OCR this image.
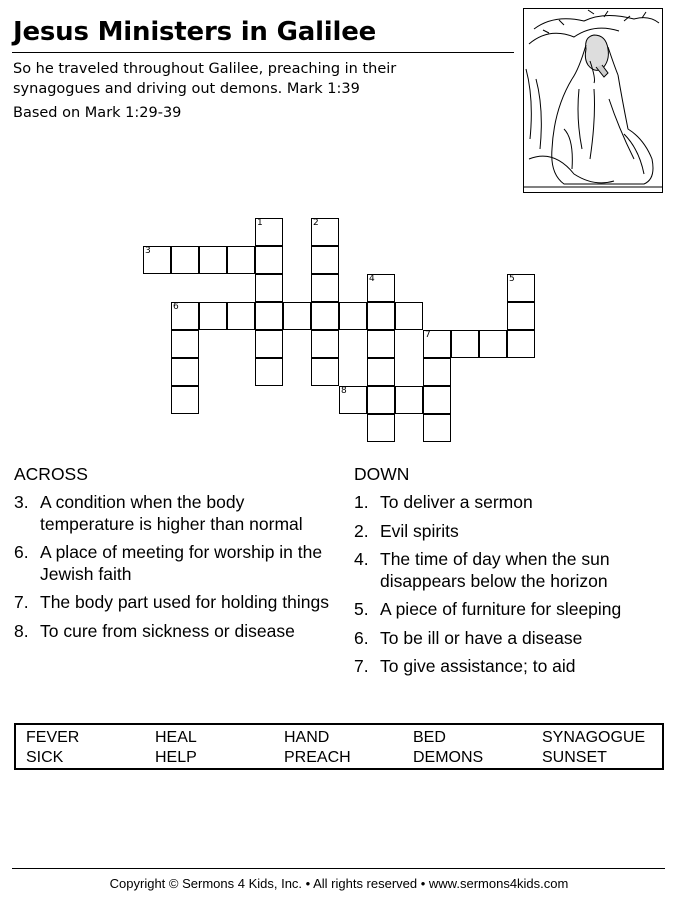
Jesus Ministers in Galilee
So he traveled throughout Galilee, preaching in their synagogues and driving out demons. Mark 1:39
Based on Mark 1:29-39
1	2
3
4	5
6
7
8
ACROSS
3. A condition when the body temperature is higher than normal
6. A place of meeting for worship in the Jewish faith
7. The body part used for holding things
8. To cure from sickness or disease
DOWN
1. To deliver a sermon
2. Evil spirits
4. The time of day when the sun disappears below the horizon
5. A piece of furniture for sleeping
6. To be ill or have a disease
7. To give assistance; to aid
FEVER	HEAL	HAND	BED	SYNAGOGUE
SICK	HELP	PREACH	DEMONS	SUNSET
Copyright © Sermons 4 Kids, Inc. • All rights reserved • www.sermons4kids.com
